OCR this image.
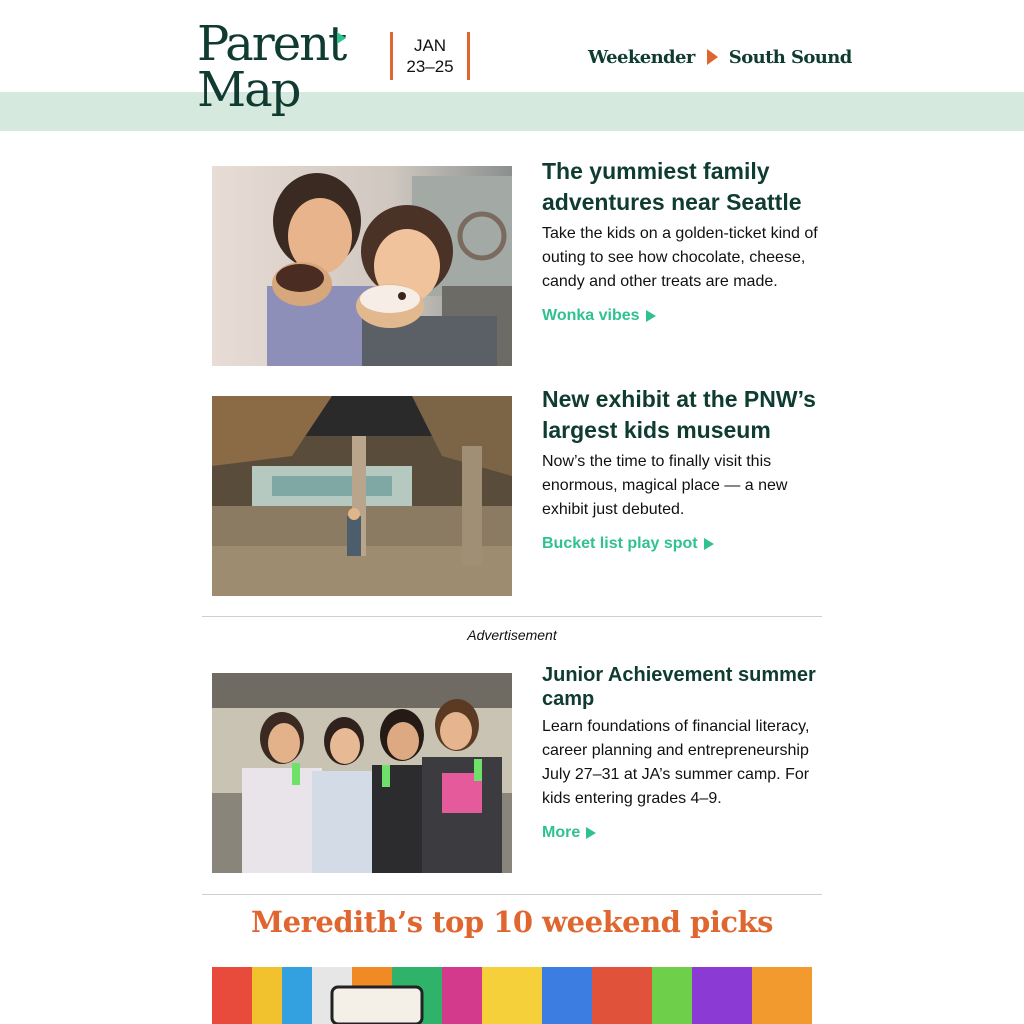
Parent
Map
JAN
23–25	Weekender South Sound
The yummiest family adventures near Seattle

Take the kids on a golden-ticket kind of outing to see how chocolate, cheese, candy and other treats are made.

Wonka vibes
New exhibit at the PNW’s largest kids museum

Now’s the time to finally visit this enormous, magical place — a new exhibit just debuted.

Bucket list play spot
Advertisement
Junior Achievement summer camp

Learn foundations of financial literacy, career planning and entrepreneurship July 27–31 at JA’s summer camp. For kids entering grades 4–9.

More
Meredith’s top 10 weekend picks
